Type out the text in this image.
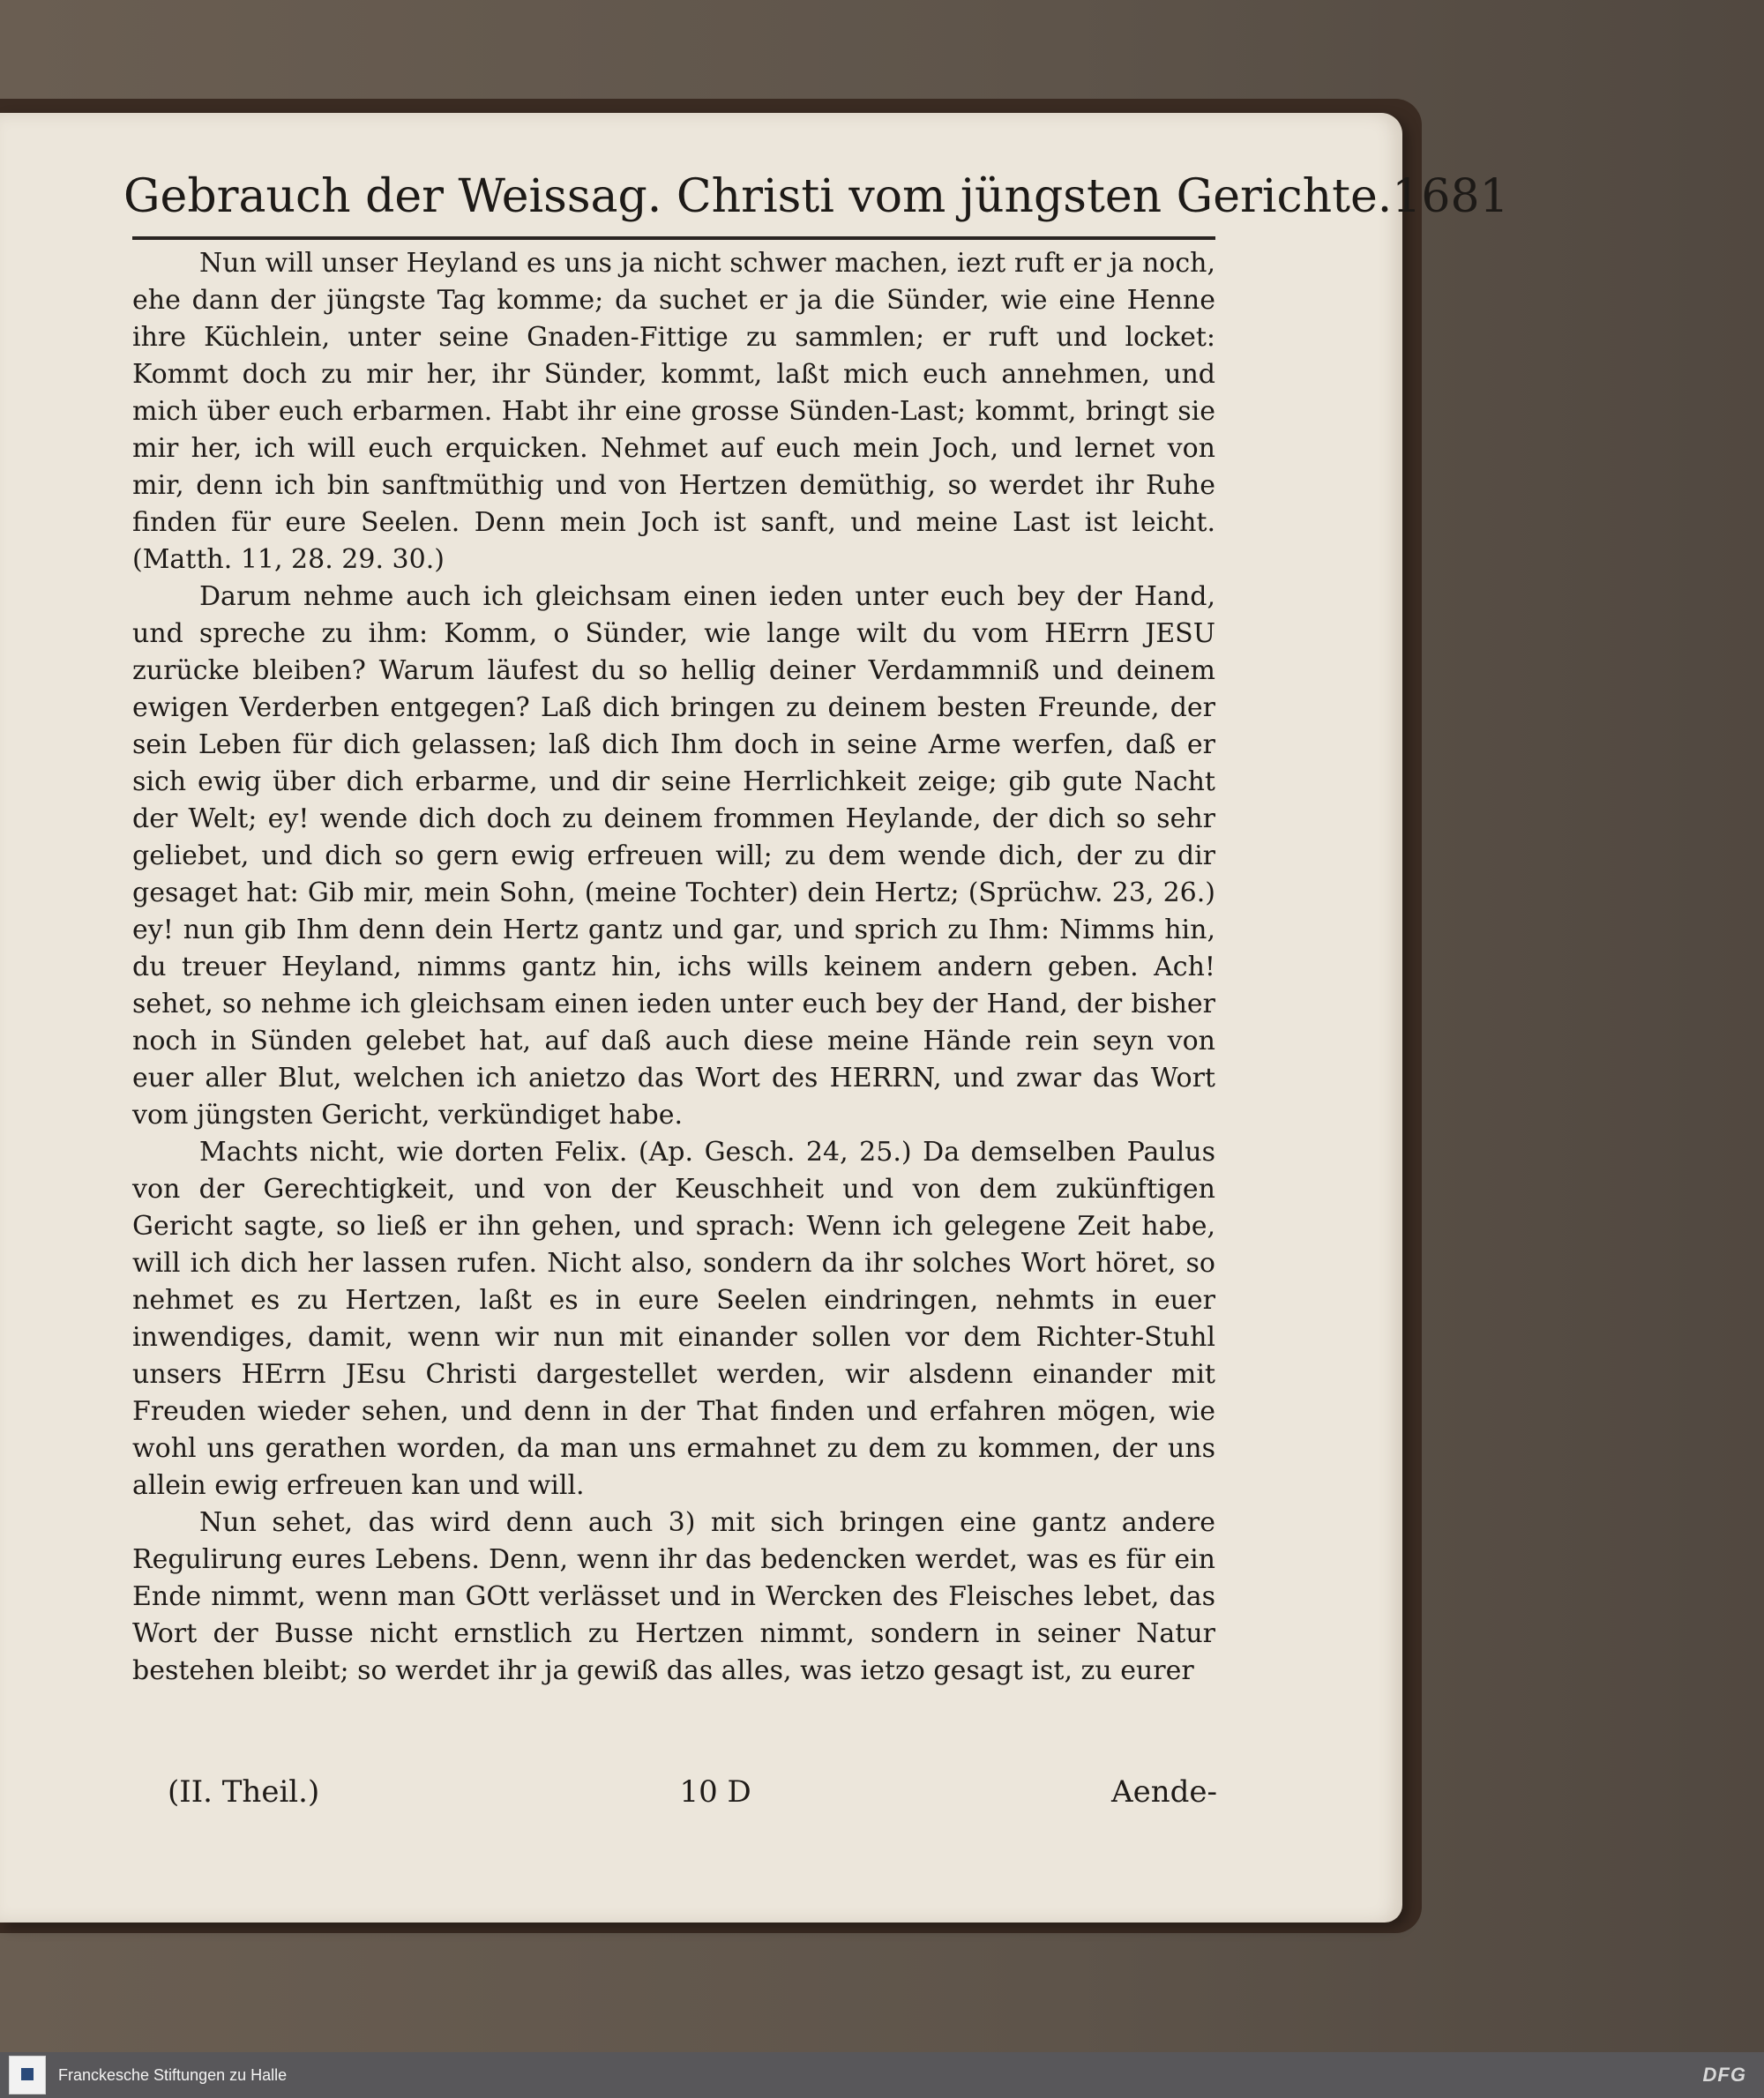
Gebrauch der Weissag. Christi vom jüngsten Gerichte. 1681

Nun will unser Heyland es uns ja nicht schwer machen, iezt ruft er ja noch, ehe dann der jüngste Tag komme; da suchet er ja die Sünder, wie eine Henne ihre Küchlein, unter seine Gnaden-Fittige zu sammlen; er ruft und locket: Kommt doch zu mir her, ihr Sünder, kommt, laßt mich euch annehmen, und mich über euch erbarmen. Habt ihr eine grosse Sünden-Last; kommt, bringt sie mir her, ich will euch erquicken. Nehmet auf euch mein Joch, und lernet von mir, denn ich bin sanftmüthig und von Hertzen demüthig, so werdet ihr Ruhe finden für eure Seelen. Denn mein Joch ist sanft, und meine Last ist leicht. (Matth. 11, 28. 29. 30.)

Darum nehme auch ich gleichsam einen ieden unter euch bey der Hand, und spreche zu ihm: Komm, o Sünder, wie lange wilt du vom HErrn JESU zurücke bleiben? Warum läufest du so hellig deiner Verdammniß und deinem ewigen Verderben entgegen? Laß dich bringen zu deinem besten Freunde, der sein Leben für dich gelassen; laß dich Ihm doch in seine Arme werfen, daß er sich ewig über dich erbarme, und dir seine Herrlichkeit zeige; gib gute Nacht der Welt; ey! wende dich doch zu deinem frommen Heylande, der dich so sehr geliebet, und dich so gern ewig erfreuen will; zu dem wende dich, der zu dir gesaget hat: Gib mir, mein Sohn, (meine Tochter) dein Hertz; (Sprüchw. 23, 26.) ey! nun gib Ihm denn dein Hertz gantz und gar, und sprich zu Ihm: Nimms hin, du treuer Heyland, nimms gantz hin, ichs wills keinem andern geben. Ach! sehet, so nehme ich gleichsam einen ieden unter euch bey der Hand, der bisher noch in Sünden gelebet hat, auf daß auch diese meine Hände rein seyn von euer aller Blut, welchen ich anietzo das Wort des HERRN, und zwar das Wort vom jüngsten Gericht, verkündiget habe.

Machts nicht, wie dorten Felix. (Ap. Gesch. 24, 25.) Da demselben Paulus von der Gerechtigkeit, und von der Keuschheit und von dem zukünftigen Gericht sagte, so ließ er ihn gehen, und sprach: Wenn ich gelegene Zeit habe, will ich dich her lassen rufen. Nicht also, sondern da ihr solches Wort höret, so nehmet es zu Hertzen, laßt es in eure Seelen eindringen, nehmts in euer inwendiges, damit, wenn wir nun mit einander sollen vor dem Richter-Stuhl unsers HErrn JEsu Christi dargestellet werden, wir alsdenn einander mit Freuden wieder sehen, und denn in der That finden und erfahren mögen, wie wohl uns gerathen worden, da man uns ermahnet zu dem zu kommen, der uns allein ewig erfreuen kan und will.

Nun sehet, das wird denn auch 3) mit sich bringen eine gantz andere Regulirung eures Lebens. Denn, wenn ihr das bedencken werdet, was es für ein Ende nimmt, wenn man GOtt verlässet und in Wercken des Fleisches lebet, das Wort der Busse nicht ernstlich zu Hertzen nimmt, sondern in seiner Natur bestehen bleibt; so werdet ihr ja gewiß das alles, was ietzo gesagt ist, zu eurer

(II. Theil.)	10 D	Aende-
Franckesche Stiftungen zu Halle	DFG
